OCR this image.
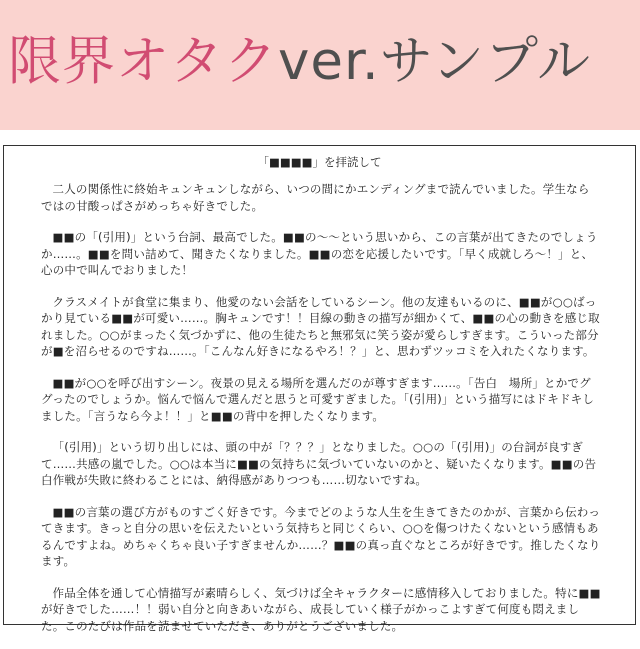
限界オタクver.サンプル
「■■■■」を拝読して

二人の関係性に終始キュンキュンしながら、いつの間にかエンディングまで読んでいました。学生ならではの甘酸っぱさがめっちゃ好きでした。

■■の「(引用)」という台詞、最高でした。■■の～～という思いから、この言葉が出てきたのでしょうか……。■■を問い詰めて、聞きたくなりました。■■の恋を応援したいです。「早く成就しろ～！」と、心の中で叫んでおりました！

クラスメイトが食堂に集まり、他愛のない会話をしているシーン。他の友達もいるのに、■■が○○ばっかり見ている■■が可愛い……。胸キュンです！！目線の動きの描写が細かくて、■■の心の動きを感じ取れました。○○がまったく気づかずに、他の生徒たちと無邪気に笑う姿が愛らしすぎます。こういった部分が■を沼らせるのですね……。「こんなん好きになるやろ！？」と、思わずツッコミを入れたくなります。

■■が○○を呼び出すシーン。夜景の見える場所を選んだのが尊すぎます……。「告白　場所」とかでググったのでしょうか。悩んで悩んで選んだと思うと可愛すぎました。「(引用)」という描写にはドキドキしました。「言うなら今よ！！」と■■の背中を押したくなります。

「(引用)」という切り出しには、頭の中が「？？？」となりました。○○の「(引用)」の台詞が良すぎて……共感の嵐でした。○○は本当に■■の気持ちに気づいていないのかと、疑いたくなります。■■の告白作戦が失敗に終わることには、納得感がありつつも……切ないですね。

■■の言葉の選び方がものすごく好きです。今までどのような人生を生きてきたのかが、言葉から伝わってきます。きっと自分の思いを伝えたいという気持ちと同じくらい、○○を傷つけたくないという感情もあるんですよね。めちゃくちゃ良い子すぎませんか……？■■の真っ直ぐなところが好きです。推したくなります。

作品全体を通して心情描写が素晴らしく、気づけば全キャラクターに感情移入しておりました。特に■■が好きでした……！！弱い自分と向きあいながら、成長していく様子がかっこよすぎて何度も悶えました。このたびは作品を読ませていただき、ありがとうございました。
